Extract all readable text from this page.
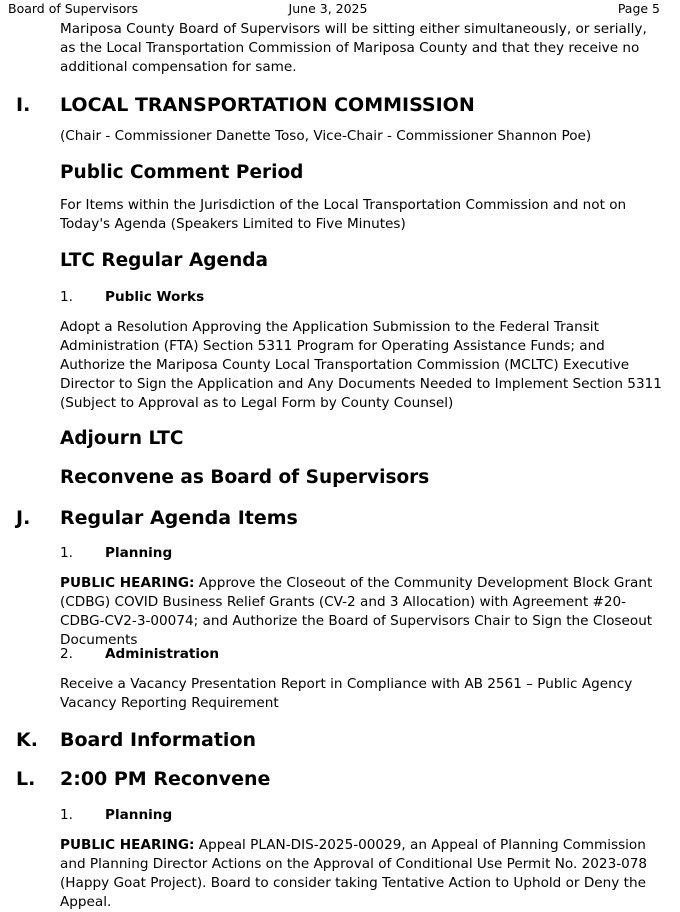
Board of Supervisors	June 3, 2025	Page 5
Mariposa County Board of Supervisors will be sitting either simultaneously, or serially, as the Local Transportation Commission of Mariposa County and that they receive no additional compensation for same.
I. LOCAL TRANSPORTATION COMMISSION
(Chair - Commissioner Danette Toso, Vice-Chair - Commissioner Shannon Poe)
Public Comment Period
For Items within the Jurisdiction of the Local Transportation Commission and not on Today's Agenda (Speakers Limited to Five Minutes)
LTC Regular Agenda
1. Public Works
Adopt a Resolution Approving the Application Submission to the Federal Transit Administration (FTA) Section 5311 Program for Operating Assistance Funds; and Authorize the Mariposa County Local Transportation Commission (MCLTC) Executive Director to Sign the Application and Any Documents Needed to Implement Section 5311 (Subject to Approval as to Legal Form by County Counsel)
Adjourn LTC
Reconvene as Board of Supervisors
J. Regular Agenda Items
1. Planning
PUBLIC HEARING: Approve the Closeout of the Community Development Block Grant (CDBG) COVID Business Relief Grants (CV-2 and 3 Allocation) with Agreement #20-CDBG-CV2-3-00074; and Authorize the Board of Supervisors Chair to Sign the Closeout Documents
2. Administration
Receive a Vacancy Presentation Report in Compliance with AB 2561 – Public Agency Vacancy Reporting Requirement
K. Board Information
L. 2:00 PM Reconvene
1. Planning
PUBLIC HEARING: Appeal PLAN-DIS-2025-00029, an Appeal of Planning Commission and Planning Director Actions on the Approval of Conditional Use Permit No. 2023-078 (Happy Goat Project). Board to consider taking Tentative Action to Uphold or Deny the Appeal.
